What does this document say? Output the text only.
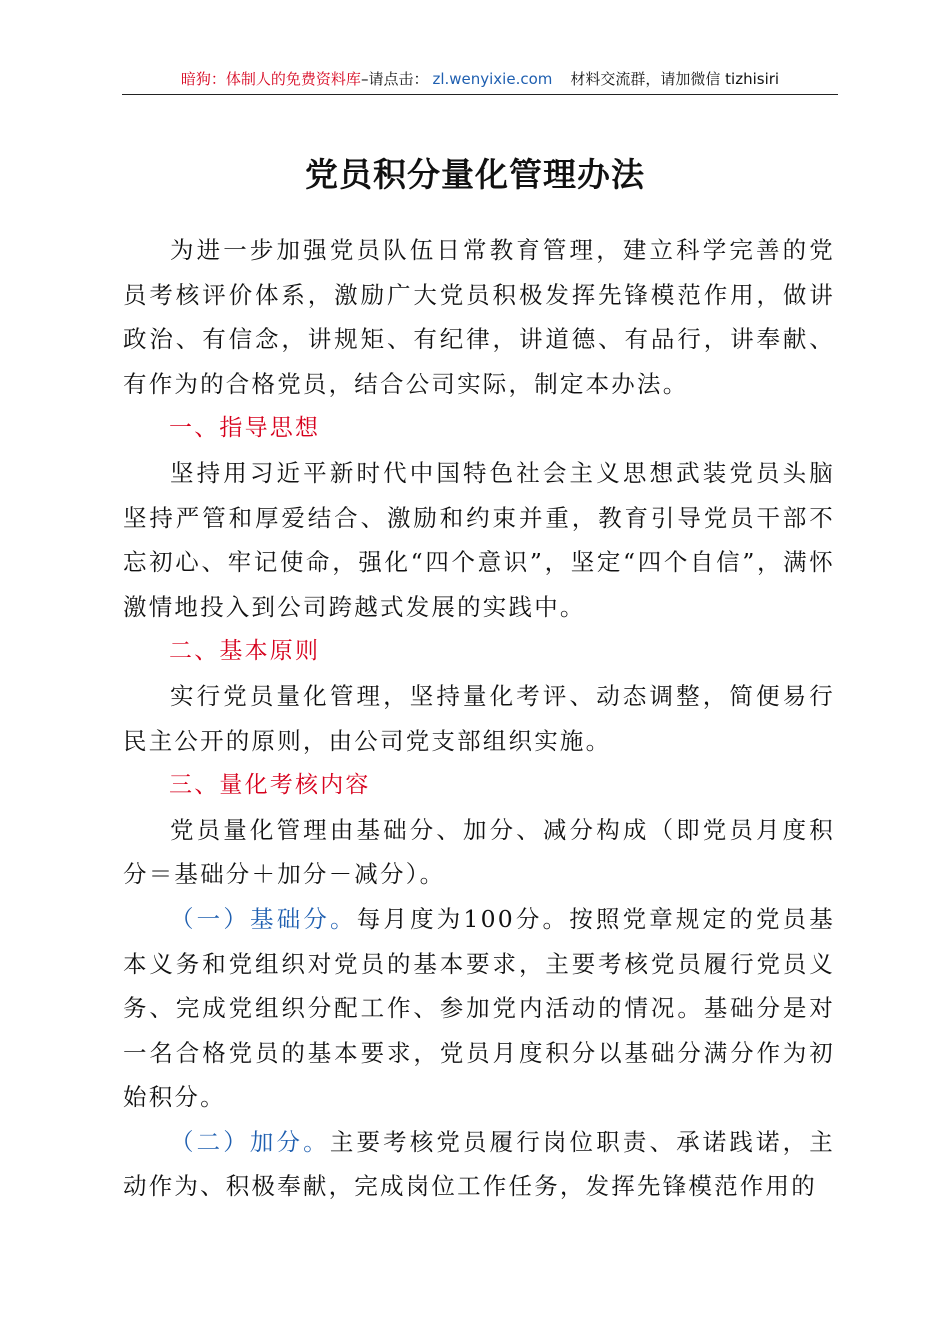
暗狗：体制人的免费资料库–请点击： zl.wenyixie.com 材料交流群，请加微信 tizhisiri
党员积分量化管理办法

为进一步加强党员队伍日常教育管理，建立科学完善的党员考核评价体系，激励广大党员积极发挥先锋模范作用，做讲政治、有信念，讲规矩、有纪律，讲道德、有品行，讲奉献、有作为的合格党员，结合公司实际，制定本办法。

一、指导思想

坚持用习近平新时代中国特色社会主义思想武装党员头脑坚持严管和厚爱结合、激励和约束并重，教育引导党员干部不忘初心、牢记使命，强化“四个意识”，坚定“四个自信”，满怀激情地投入到公司跨越式发展的实践中。

二、基本原则

实行党员量化管理，坚持量化考评、动态调整，简便易行民主公开的原则，由公司党支部组织实施。

三、量化考核内容

党员量化管理由基础分、加分、减分构成（即党员月度积分＝基础分＋加分－减分）。

（一）基础分。每月度为100分。按照党章规定的党员基本义务和党组织对党员的基本要求，主要考核党员履行党员义务、完成党组织分配工作、参加党内活动的情况。基础分是对一名合格党员的基本要求，党员月度积分以基础分满分作为初始积分。

（二）加分。主要考核党员履行岗位职责、承诺践诺，主动作为、积极奉献，完成岗位工作任务，发挥先锋模范作用的
